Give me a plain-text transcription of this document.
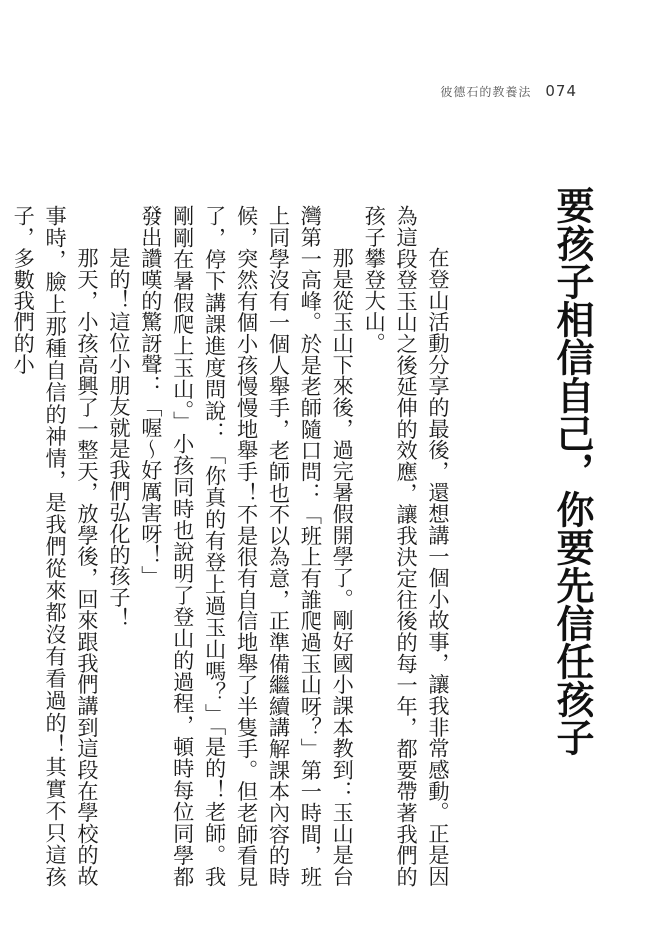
彼德石的教養法 074
要孩子相信自己，你要先信任孩子

在登山活動分享的最後，還想講一個小故事，讓我非常感動。正是因為這段登玉山之後延伸的效應，讓我決定往後的每一年，都要帶著我們的孩子攀登大山。

那是從玉山下來後，過完暑假開學了。剛好國小課本教到：玉山是台灣第一高峰。於是老師隨口問：「班上有誰爬過玉山呀？」第一時間，班上同學沒有一個人舉手，老師也不以為意，正準備繼續講解課本內容的時候，突然有個小孩慢慢地舉手！不是很有自信地舉了半隻手。但老師看見了，停下講課進度問說：「你真的有登上過玉山嗎？」「是的！老師。我剛剛在暑假爬上玉山。」小孩同時也說明了登山的過程，頓時每位同學都發出讚嘆的驚訝聲：「喔～好厲害呀！」

是的！這位小朋友就是我們弘化的孩子！

那天，小孩高興了一整天，放學後，回來跟我們講到這段在學校的故事時，臉上那種自信的神情，是我們從來都沒有看過的！其實不只這孩子，多數我們的小
